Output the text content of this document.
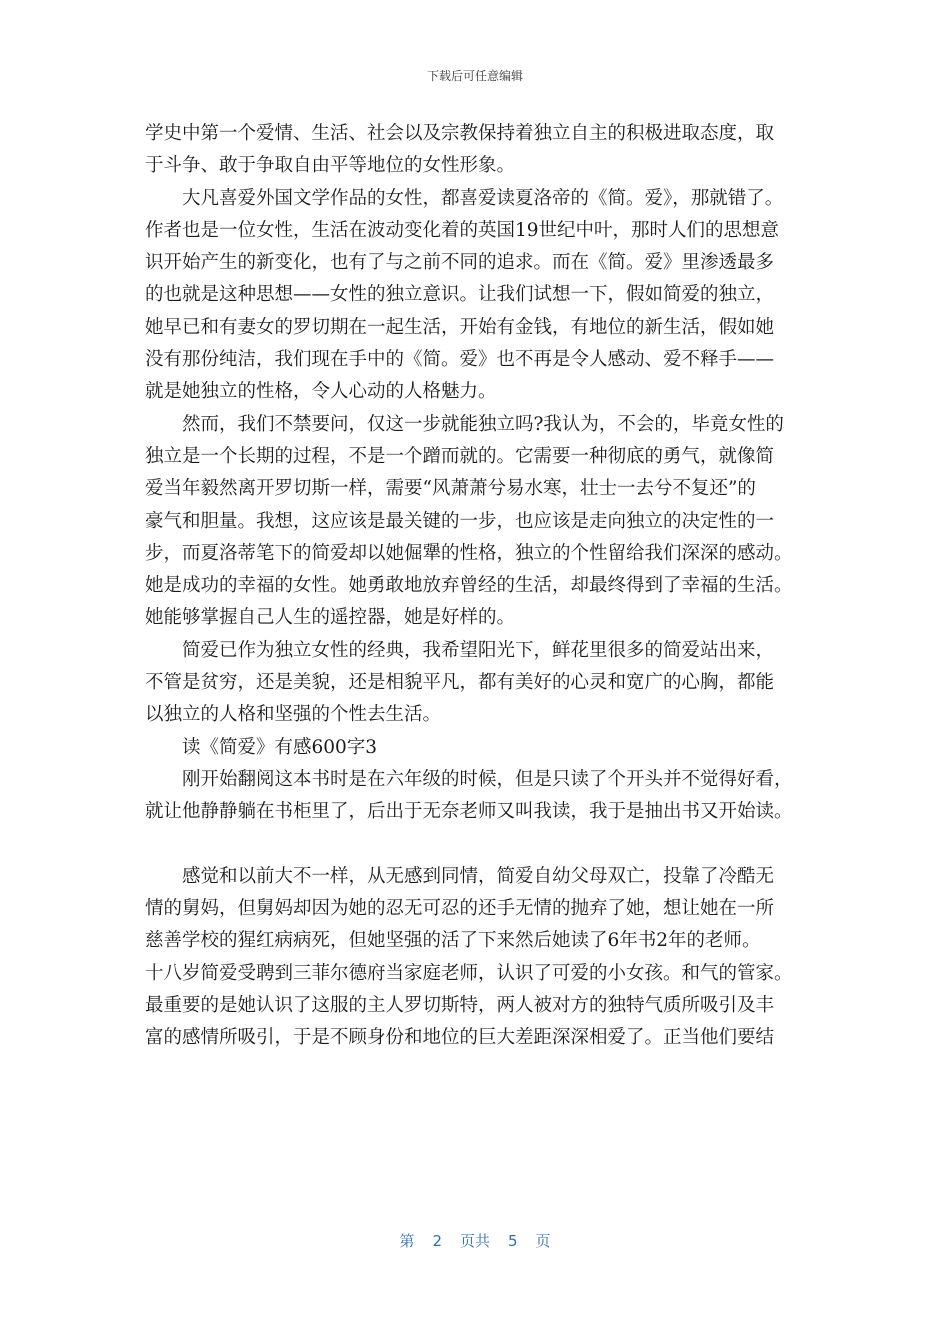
下载后可任意编辑
学史中第一个爱情、生活、社会以及宗教保持着独立自主的积极进取态度，取
于斗争、敢于争取自由平等地位的女性形象。
大凡喜爱外国文学作品的女性，都喜爱读夏洛帝的《简。爱》，那就错了。
作者也是一位女性，生活在波动变化着的英国19世纪中叶，那时人们的思想意
识开始产生的新变化，也有了与之前不同的追求。而在《简。爱》里渗透最多
的也就是这种思想——女性的独立意识。让我们试想一下，假如简爱的独立，
她早已和有妻女的罗切期在一起生活，开始有金钱，有地位的新生活，假如她
没有那份纯洁，我们现在手中的《简。爱》也不再是令人感动、爱不释手——
就是她独立的性格，令人心动的人格魅力。
然而，我们不禁要问，仅这一步就能独立吗?我认为，不会的，毕竟女性的
独立是一个长期的过程，不是一个蹭而就的。它需要一种彻底的勇气，就像简
爱当年毅然离开罗切斯一样，需要“风萧萧兮易水寒，壮士一去兮不复还”的
豪气和胆量。我想，这应该是最关键的一步，也应该是走向独立的决定性的一
步，而夏洛蒂笔下的简爱却以她倔犟的性格，独立的个性留给我们深深的感动。
她是成功的幸福的女性。她勇敢地放弃曾经的生活，却最终得到了幸福的生活。
她能够掌握自己人生的遥控器，她是好样的。
简爱已作为独立女性的经典，我希望阳光下，鲜花里很多的简爱站出来，
不管是贫穷，还是美貌，还是相貌平凡，都有美好的心灵和宽广的心胸，都能
以独立的人格和坚强的个性去生活。
读《简爱》有感600字3
刚开始翻阅这本书时是在六年级的时候，但是只读了个开头并不觉得好看，
就让他静静躺在书柜里了，后出于无奈老师又叫我读，我于是抽出书又开始读。
感觉和以前大不一样，从无感到同情，简爱自幼父母双亡，投靠了冷酷无
情的舅妈，但舅妈却因为她的忍无可忍的还手无情的抛弃了她，想让她在一所
慈善学校的猩红病病死，但她坚强的活了下来然后她读了6年书2年的老师。
十八岁简爱受聘到三菲尔德府当家庭老师，认识了可爱的小女孩。和气的管家。
最重要的是她认识了这服的主人罗切斯特，两人被对方的独特气质所吸引及丰
富的感情所吸引，于是不顾身份和地位的巨大差距深深相爱了。正当他们要结
第 2 页共 5 页
